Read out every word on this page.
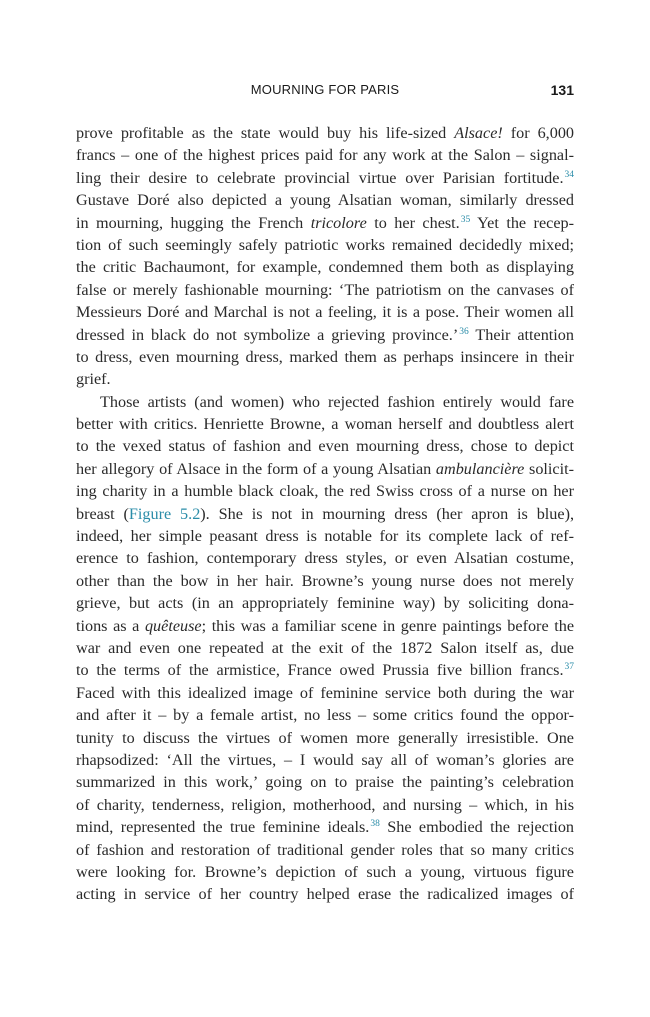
MOURNING FOR PARIS	131
prove profitable as the state would buy his life-sized Alsace! for 6,000
francs – one of the highest prices paid for any work at the Salon – signal-
ling their desire to celebrate provincial virtue over Parisian fortitude.$^{34}$
Gustave Doré also depicted a young Alsatian woman, similarly dressed
in mourning, hugging the French tricolore to her chest.$^{35}$ Yet the recep-
tion of such seemingly safely patriotic works remained decidedly mixed;
the critic Bachaumont, for example, condemned them both as displaying
false or merely fashionable mourning: ‘The patriotism on the canvases of
Messieurs Doré and Marchal is not a feeling, it is a pose. Their women all
dressed in black do not symbolize a grieving province.’$^{36}$ Their attention
to dress, even mourning dress, marked them as perhaps insincere in their
grief.
Those artists (and women) who rejected fashion entirely would fare
better with critics. Henriette Browne, a woman herself and doubtless alert
to the vexed status of fashion and even mourning dress, chose to depict
her allegory of Alsace in the form of a young Alsatian ambulancière solicit-
ing charity in a humble black cloak, the red Swiss cross of a nurse on her
breast (Figure 5.2). She is not in mourning dress (her apron is blue),
indeed, her simple peasant dress is notable for its complete lack of ref-
erence to fashion, contemporary dress styles, or even Alsatian costume,
other than the bow in her hair. Browne’s young nurse does not merely
grieve, but acts (in an appropriately feminine way) by soliciting dona-
tions as a quêteuse; this was a familiar scene in genre paintings before the
war and even one repeated at the exit of the 1872 Salon itself as, due
to the terms of the armistice, France owed Prussia five billion francs.$^{37}$
Faced with this idealized image of feminine service both during the war
and after it – by a female artist, no less – some critics found the oppor-
tunity to discuss the virtues of women more generally irresistible. One
rhapsodized: ‘All the virtues, – I would say all of woman’s glories are
summarized in this work,’ going on to praise the painting’s celebration
of charity, tenderness, religion, motherhood, and nursing – which, in his
mind, represented the true feminine ideals.$^{38}$ She embodied the rejection
of fashion and restoration of traditional gender roles that so many critics
were looking for. Browne’s depiction of such a young, virtuous figure
acting in service of her country helped erase the radicalized images of
